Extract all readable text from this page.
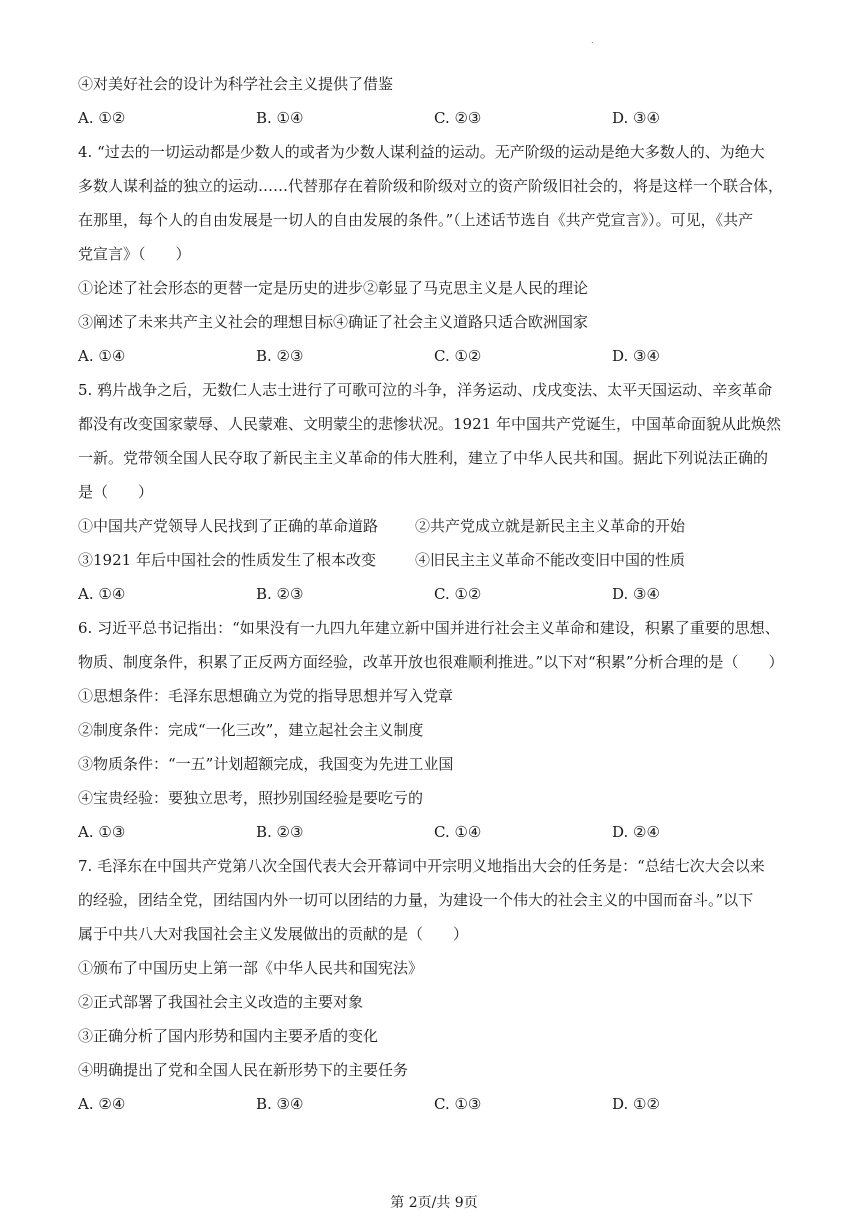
.
④对美好社会的设计为科学社会主义提供了借鉴
A. ①②	B. ①④	C. ②③	D. ③④
4. “过去的一切运动都是少数人的或者为少数人谋利益的运动。无产阶级的运动是绝大多数人的、为绝大
多数人谋利益的独立的运动……代替那存在着阶级和阶级对立的资产阶级旧社会的，将是这样一个联合体，
在那里，每个人的自由发展是一切人的自由发展的条件。”（上述话节选自《共产党宣言》）。可见，《共产
党宣言》（　　）
①论述了社会形态的更替一定是历史的进步②彰显了马克思主义是人民的理论
③阐述了未来共产主义社会的理想目标④确证了社会主义道路只适合欧洲国家
A. ①④	B. ②③	C. ①②	D. ③④
5. 鸦片战争之后，无数仁人志士进行了可歌可泣的斗争，洋务运动、戊戌变法、太平天国运动、辛亥革命
都没有改变国家蒙辱、人民蒙难、文明蒙尘的悲惨状况。1921 年中国共产党诞生，中国革命面貌从此焕然
一新。党带领全国人民夺取了新民主主义革命的伟大胜利，建立了中华人民共和国。据此下列说法正确的
是（　　）
①中国共产党领导人民找到了正确的革命道路 ②共产党成立就是新民主主义革命的开始
③1921 年后中国社会的性质发生了根本改变	④旧民主主义革命不能改变旧中国的性质
A. ①④	B. ②③	C. ①②	D. ③④
6. 习近平总书记指出：“如果没有一九四九年建立新中国并进行社会主义革命和建设，积累了重要的思想、
物质、制度条件，积累了正反两方面经验，改革开放也很难顺利推进。”以下对“积累”分析合理的是（　　）
①思想条件：毛泽东思想确立为党的指导思想并写入党章
②制度条件：完成“一化三改”，建立起社会主义制度
③物质条件：“一五”计划超额完成，我国变为先进工业国
④宝贵经验：要独立思考，照抄别国经验是要吃亏的
A. ①③	B. ②③	C. ①④	D. ②④
7. 毛泽东在中国共产党第八次全国代表大会开幕词中开宗明义地指出大会的任务是：“总结七次大会以来
的经验，团结全党，团结国内外一切可以团结的力量，为建设一个伟大的社会主义的中国而奋斗。”以下
属于中共八大对我国社会主义发展做出的贡献的是（　　）
①颁布了中国历史上第一部《中华人民共和国宪法》
②正式部署了我国社会主义改造的主要对象
③正确分析了国内形势和国内主要矛盾的变化
④明确提出了党和全国人民在新形势下的主要任务
A. ②④	B. ③④	C. ①③	D. ①②
第 2页/共 9页
